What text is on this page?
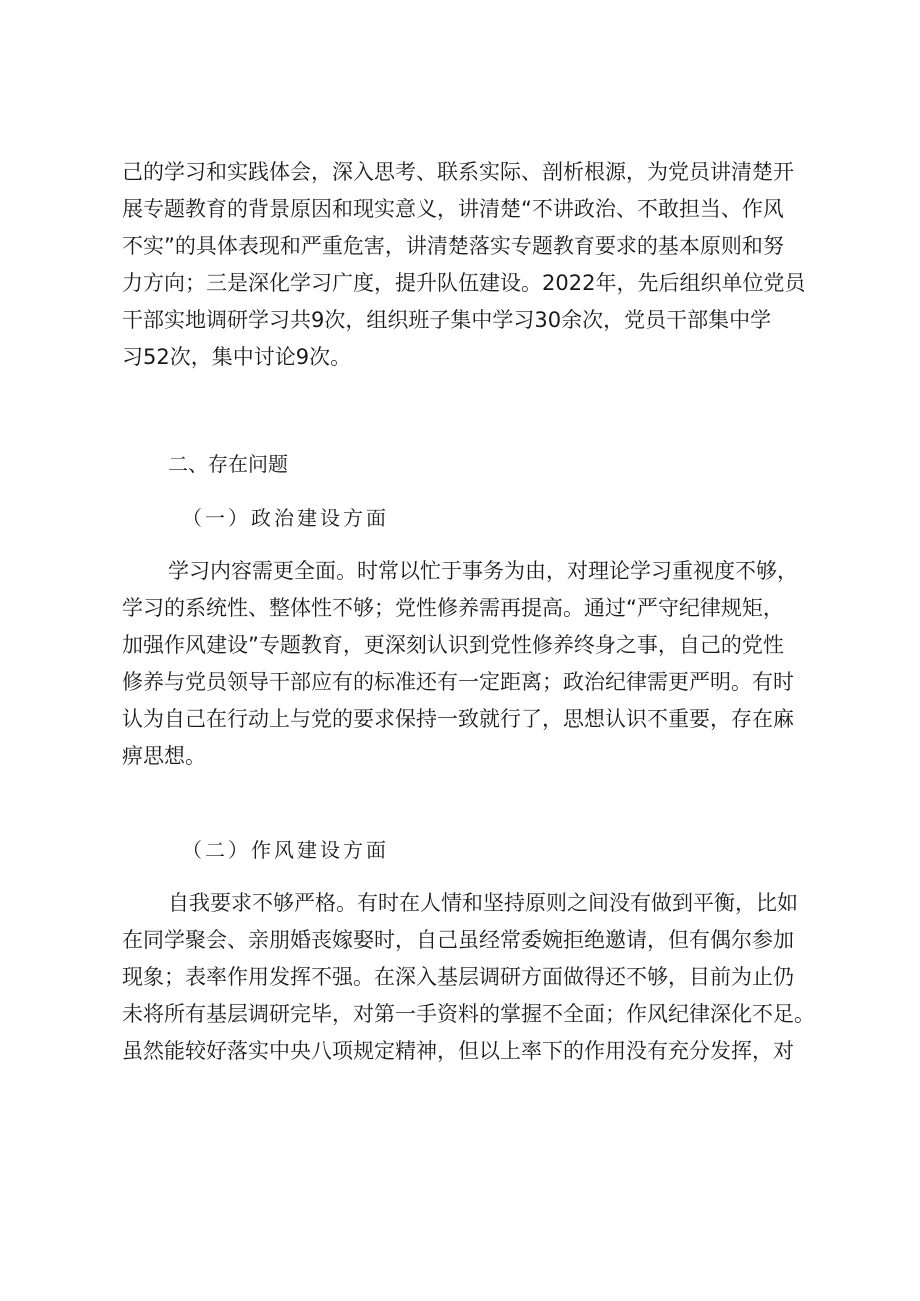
己的学习和实践体会，深入思考、联系实际、剖析根源，为党员讲清楚开
展专题教育的背景原因和现实意义，讲清楚“不讲政治、不敢担当、作风
不实”的具体表现和严重危害，讲清楚落实专题教育要求的基本原则和努
力方向；三是深化学习广度，提升队伍建设。2022年，先后组织单位党员
干部实地调研学习共9次，组织班子集中学习30余次，党员干部集中学
习52次，集中讨论9次。
二、存在问题
（一）政治建设方面
学习内容需更全面。时常以忙于事务为由，对理论学习重视度不够，
学习的系统性、整体性不够；党性修养需再提高。通过“严守纪律规矩，
加强作风建设”专题教育，更深刻认识到党性修养终身之事，自己的党性
修养与党员领导干部应有的标准还有一定距离；政治纪律需更严明。有时
认为自己在行动上与党的要求保持一致就行了，思想认识不重要，存在麻
痹思想。
（二）作风建设方面
自我要求不够严格。有时在人情和坚持原则之间没有做到平衡，比如
在同学聚会、亲朋婚丧嫁娶时，自己虽经常委婉拒绝邀请，但有偶尔参加
现象；表率作用发挥不强。在深入基层调研方面做得还不够，目前为止仍
未将所有基层调研完毕，对第一手资料的掌握不全面；作风纪律深化不足。
虽然能较好落实中央八项规定精神，但以上率下的作用没有充分发挥，对
